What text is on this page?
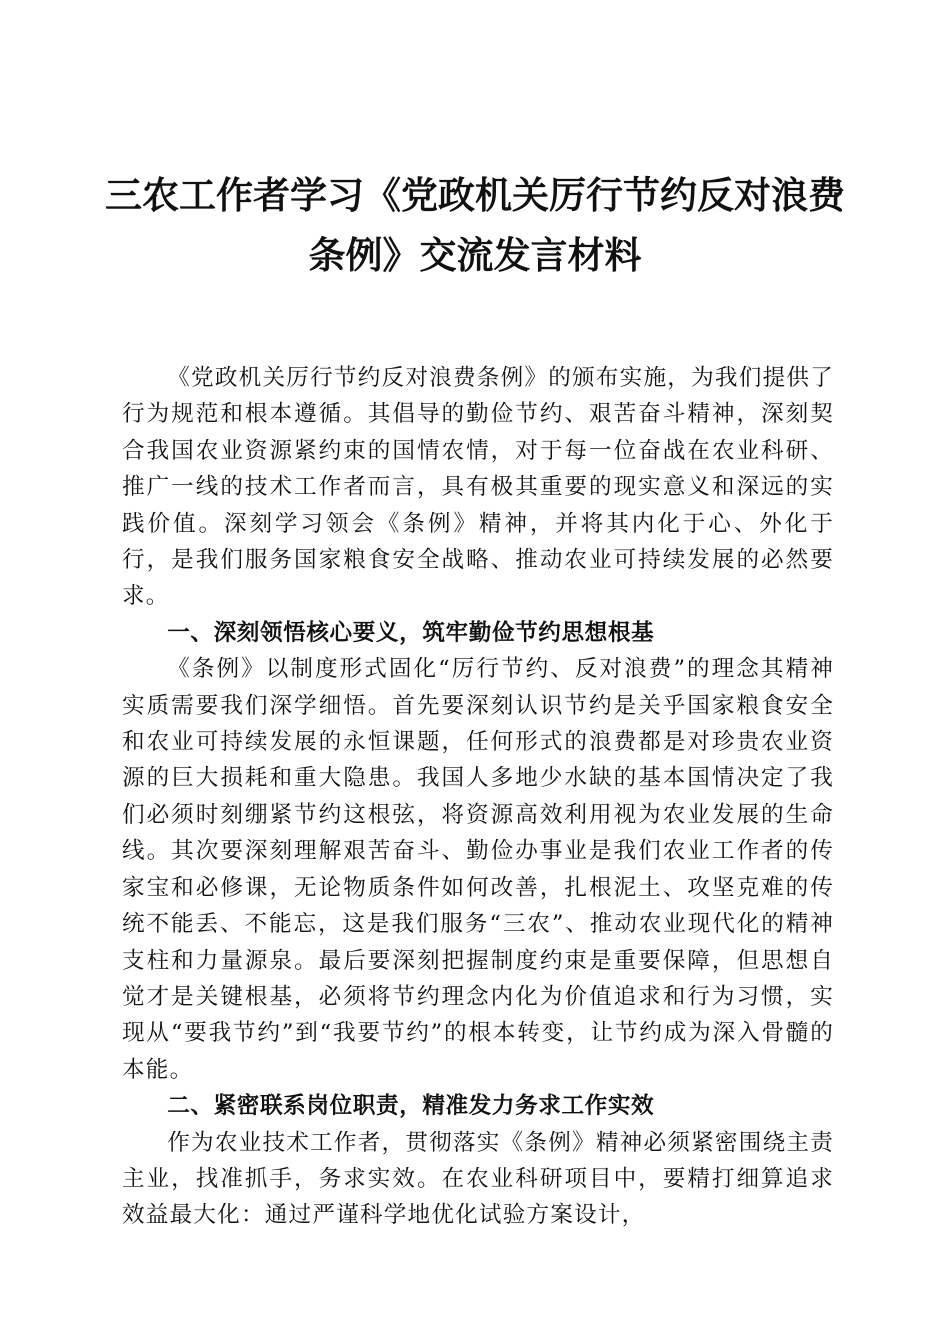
三农工作者学习《党政机关厉行节约反对浪费
条例》交流发言材料

《党政机关厉行节约反对浪费条例》的颁布实施，为我们提供了行为规范和根本遵循。其倡导的勤俭节约、艰苦奋斗精神，深刻契合我国农业资源紧约束的国情农情，对于每一位奋战在农业科研、推广一线的技术工作者而言，具有极其重要的现实意义和深远的实践价值。深刻学习领会《条例》精神，并将其内化于心、外化于行，是我们服务国家粮食安全战略、推动农业可持续发展的必然要求。

一、深刻领悟核心要义，筑牢勤俭节约思想根基

《条例》以制度形式固化“厉行节约、反对浪费”的理念其精神实质需要我们深学细悟。首先要深刻认识节约是关乎国家粮食安全和农业可持续发展的永恒课题，任何形式的浪费都是对珍贵农业资源的巨大损耗和重大隐患。我国人多地少水缺的基本国情决定了我们必须时刻绷紧节约这根弦，将资源高效利用视为农业发展的生命线。其次要深刻理解艰苦奋斗、勤俭办事业是我们农业工作者的传家宝和必修课，无论物质条件如何改善，扎根泥土、攻坚克难的传统不能丢、不能忘，这是我们服务“三农”、推动农业现代化的精神支柱和力量源泉。最后要深刻把握制度约束是重要保障，但思想自觉才是关键根基，必须将节约理念内化为价值追求和行为习惯，实现从“要我节约”到“我要节约”的根本转变，让节约成为深入骨髓的本能。

二、紧密联系岗位职责，精准发力务求工作实效

作为农业技术工作者，贯彻落实《条例》精神必须紧密围绕主责主业，找准抓手，务求实效。在农业科研项目中，要精打细算追求效益最大化：通过严谨科学地优化试验方案设计，
